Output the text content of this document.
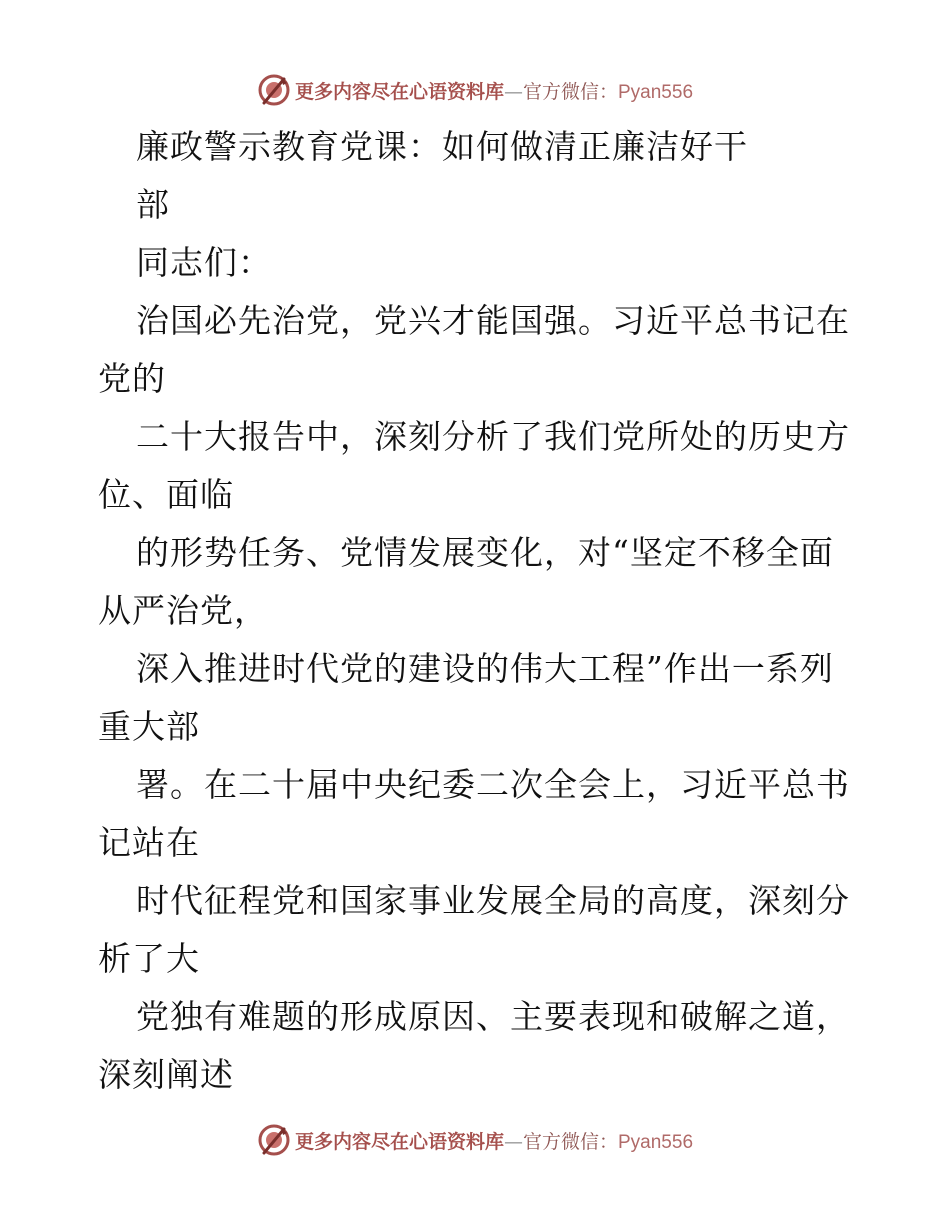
更多内容尽在心语资料库—官方微信：Pyan556
廉政警示教育党课：如何做清正廉洁好干
部
同志们：
治国必先治党，党兴才能国强。习近平总书记在
党的
二十大报告中，深刻分析了我们党所处的历史方
位、面临
的形势任务、党情发展变化，对“坚定不移全面
从严治党，
深入推进时代党的建设的伟大工程”作出一系列
重大部
署。在二十届中央纪委二次全会上，习近平总书
记站在
时代征程党和国家事业发展全局的高度，深刻分
析了大
党独有难题的形成原因、主要表现和破解之道，
深刻阐述
更多内容尽在心语资料库—官方微信：Pyan556
